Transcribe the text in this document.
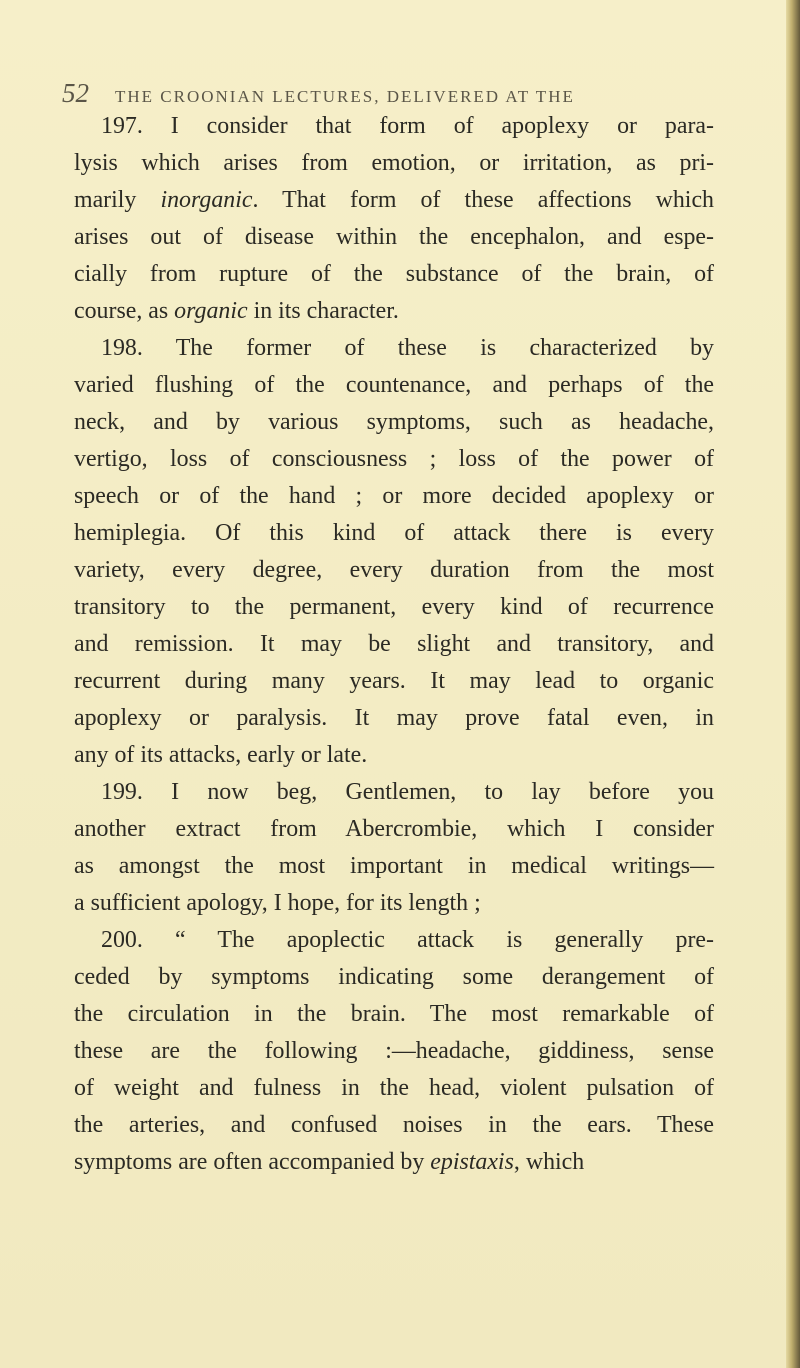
52 THE CROONIAN LECTURES, DELIVERED AT THE
197. I consider that form of apoplexy or para-
lysis which arises from emotion, or irritation, as pri-
marily inorganic. That form of these affections which
arises out of disease within the encephalon, and espe-
cially from rupture of the substance of the brain, of
course, as organic in its character.
198. The former of these is characterized by
varied flushing of the countenance, and perhaps of the
neck, and by various symptoms, such as headache,
vertigo, loss of consciousness ; loss of the power of
speech or of the hand ; or more decided apoplexy or
hemiplegia. Of this kind of attack there is every
variety, every degree, every duration from the most
transitory to the permanent, every kind of recurrence
and remission. It may be slight and transitory, and
recurrent during many years. It may lead to organic
apoplexy or paralysis. It may prove fatal even, in
any of its attacks, early or late.
199. I now beg, Gentlemen, to lay before you
another extract from Abercrombie, which I consider
as amongst the most important in medical writings—
a sufficient apology, I hope, for its length ;
200. “ The apoplectic attack is generally pre-
ceded by symptoms indicating some derangement of
the circulation in the brain. The most remarkable of
these are the following :—headache, giddiness, sense
of weight and fulness in the head, violent pulsation of
the arteries, and confused noises in the ears. These
symptoms are often accompanied by epistaxis, which
